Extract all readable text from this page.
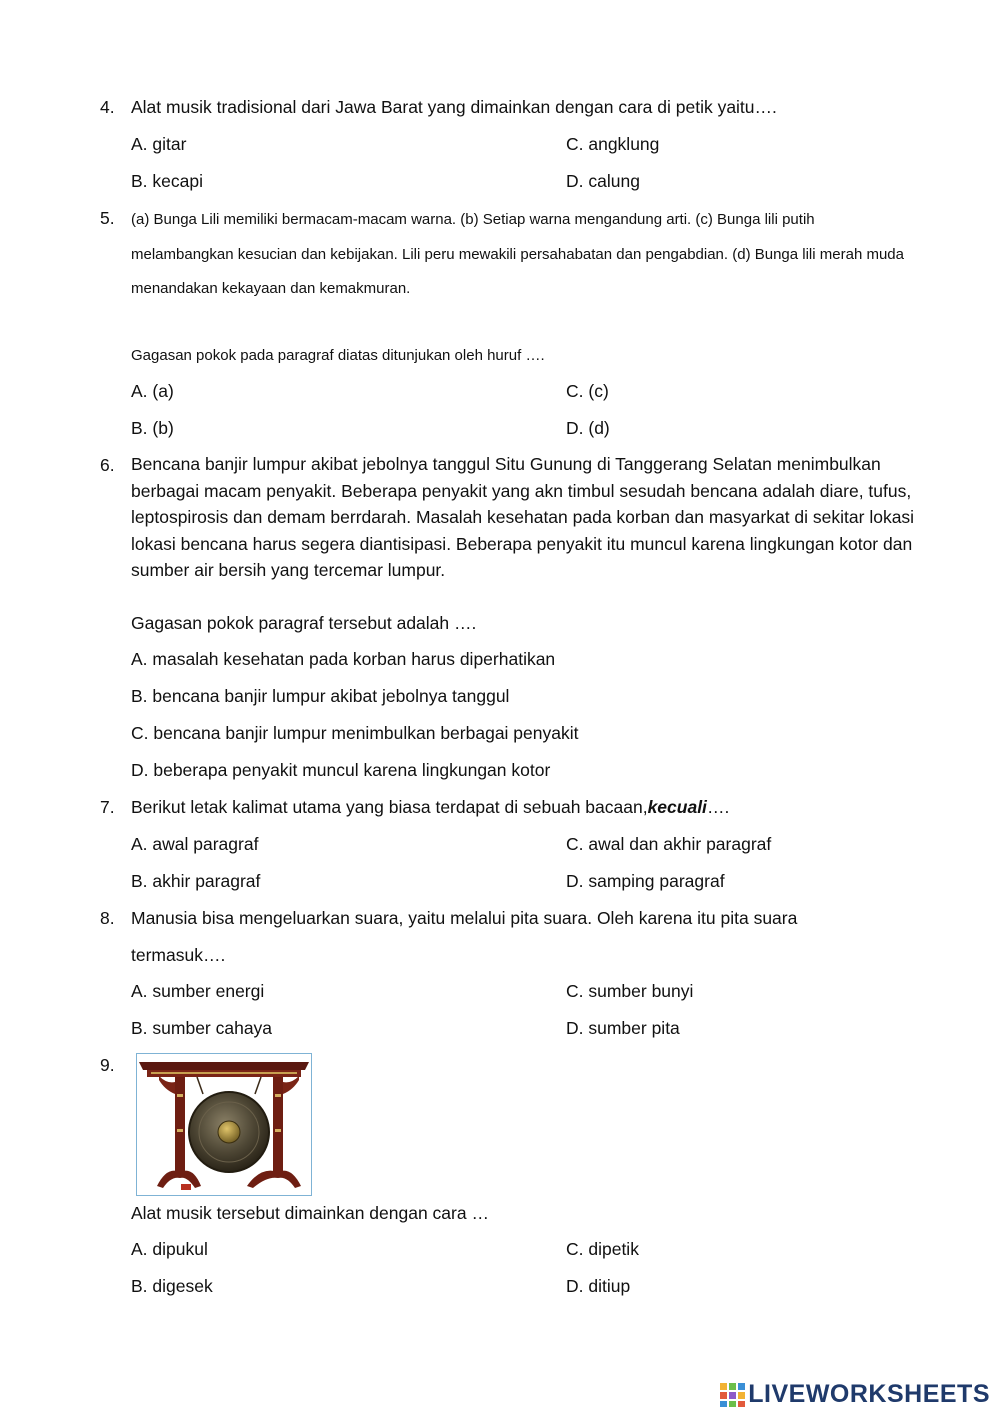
4. Alat musik tradisional dari Jawa Barat yang dimainkan dengan cara di petik yaitu….
A. gitar	C. angklung
B. kecapi	D. calung
5. (a) Bunga Lili memiliki bermacam-macam warna. (b) Setiap warna mengandung arti. (c) Bunga lili putih melambangkan kesucian dan kebijakan. Lili peru mewakili persahabatan dan pengabdian. (d) Bunga lili merah muda menandakan kekayaan dan kemakmuran.
Gagasan pokok pada paragraf diatas ditunjukan oleh huruf ….
A. (a)	C. (c)
B. (b)	D. (d)
6. Bencana banjir lumpur akibat jebolnya tanggul Situ Gunung di Tanggerang Selatan menimbulkan berbagai macam penyakit. Beberapa penyakit yang akn timbul sesudah bencana adalah diare, tufus, leptospirosis dan demam berrdarah. Masalah kesehatan pada korban dan masyarkat di sekitar lokasi lokasi bencana harus segera diantisipasi. Beberapa penyakit itu muncul karena lingkungan kotor dan sumber air bersih yang tercemar lumpur.
Gagasan pokok paragraf tersebut adalah ….
A. masalah kesehatan pada korban harus diperhatikan
B. bencana banjir lumpur akibat jebolnya tanggul
C. bencana banjir lumpur menimbulkan berbagai penyakit
D. beberapa penyakit muncul karena lingkungan kotor
7. Berikut letak kalimat utama yang biasa terdapat di sebuah bacaan,kecuali….
A. awal paragraf	C. awal dan akhir paragraf
B. akhir paragraf	D. samping paragraf
8. Manusia bisa mengeluarkan suara, yaitu melalui pita suara. Oleh karena itu pita suara
termasuk….
A. sumber energi	C. sumber bunyi
B. sumber cahaya	D. sumber pita
9.
Alat musik tersebut dimainkan dengan cara …
A. dipukul	C. dipetik
B. digesek	D. ditiup
LIVEWORKSHEETS
